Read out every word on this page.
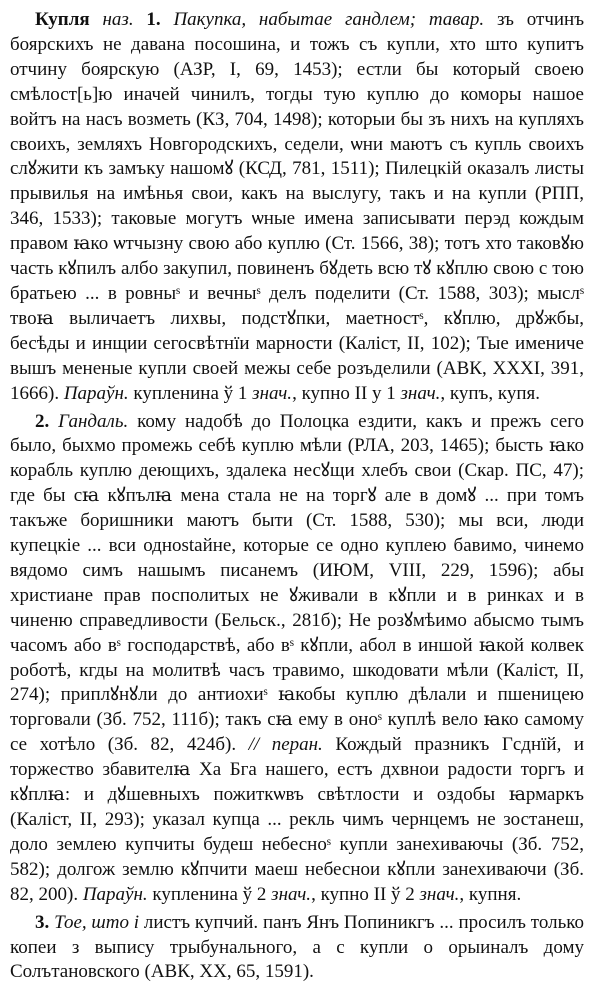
Купля наз. 1. Пакупка, набытае гандлем; тавар. зъ отчинъ боярскихъ не давана посошина, и тожъ съ купли, хто што купитъ отчину боярскую (АЗР, I, 69, 1453); естли бы который своею смѣлост[ь]ю иначей чинилъ, тогды тую куплю до коморы нашое войтъ на насъ возметь (КЗ, 704, 1498); которыи бы зъ нихъ на купляхъ своихъ, земляхъ Новгородскихъ, седели, ѡни маютъ съ купль своихъ слꙋжити къ замъку нашомꙋ (КСД, 781, 1511); Пилецкій оказалъ листы прывилья на имѣнья свои, какъ на выслугу, такъ и на купли (РПП, 346, 1533); таковые могутъ ѡные имена записывати перэд кождым правом ꙗко ѡтчызну свою або куплю (Ст. 1566, 38); тотъ хто таковꙋю часть кꙋпилъ албо закупил, повиненъ бꙋдеть всю тꙋ кꙋплю свою с тою братьею ... в ровныˢ и вечныˢ делъ поделити (Ст. 1588, 303); мыслˢ твоꙗ выличаетъ лихвы, подстꙋпки, маетностˢ, кꙋплю, дрꙋжбы, бесѣды и инщии сегосвѣтнїи марности (Каліст, II, 102); Тые именичe вышъ мененые купли своей межы себе розъделили (АВК, XXXI, 391, 1666). Параўн. купленина ў 1 знач., купно II у 1 знач., купъ, купя.

2. Гандаль. кому надобѣ до Полоцка ездити, какъ и прежъ сего было, быхмо промежь себѣ куплю мѣли (РЛА, 203, 1465); бысть ꙗко корабль куплю деющихъ, здалека несꙋщи хлебъ свои (Скар. ПС, 47); где бы сꙗ кꙋпълꙗ мена стала не на торгꙋ але в домꙋ ... при томъ такъже боришники маютъ быти (Ст. 1588, 530); мы вси, люди купецкіе ... вси однostайне, которые се одно куплею бавимо, чинемо вядомо симъ нашымъ писанемъ (ИЮМ, VIII, 229, 1596); абы христиане прав посполитых не ꙋживали в кꙋпли и в ринках и в чиненю справедливости (Бельск., 281б); Не розꙋмѣимо абысмо тымъ часомъ або вˢ господарствѣ, або вˢ кꙋпли, абол в иншой ꙗкой колвек роботѣ, кгды на молитвѣ часъ травимо, шкодовати мѣли (Каліст, II, 274); приплꙋнꙋли до антиохиˢ ꙗкобы куплю дѣлали и пшеницею торговали (Зб. 752, 111б); такъ сꙗ ему в оноˢ куплѣ вело ꙗко самому се хотѣло (Зб. 82, 424б). // перан. Кождый празникъ Гсднїй, и торжество збавителꙗ Ха Бга нашего, естъ дхвнои радости торгъ и кꙋплꙗ: и дꙋшевныхъ пожиткѡвъ свѣтлости и оздобы ꙗрмаркъ (Каліст, II, 293); указал купца ... рекль чимъ чернцемъ не зостанеш, доло землею купчиты будеш небесноˢ купли занехиваючы (Зб. 752, 582); долгож землю кꙋпчити маеш небеснои кꙋпли занехиваючи (Зб. 82, 200). Параўн. купленина ў 2 знач., купно II ў 2 знач., купня.

3. Тое, што і листъ купчий. панъ Янъ Попиникгъ ... просилъ только копеи з выпису трыбунального, а с купли о орыиналъ дому Солътановского (АВК, XX, 65, 1591).
